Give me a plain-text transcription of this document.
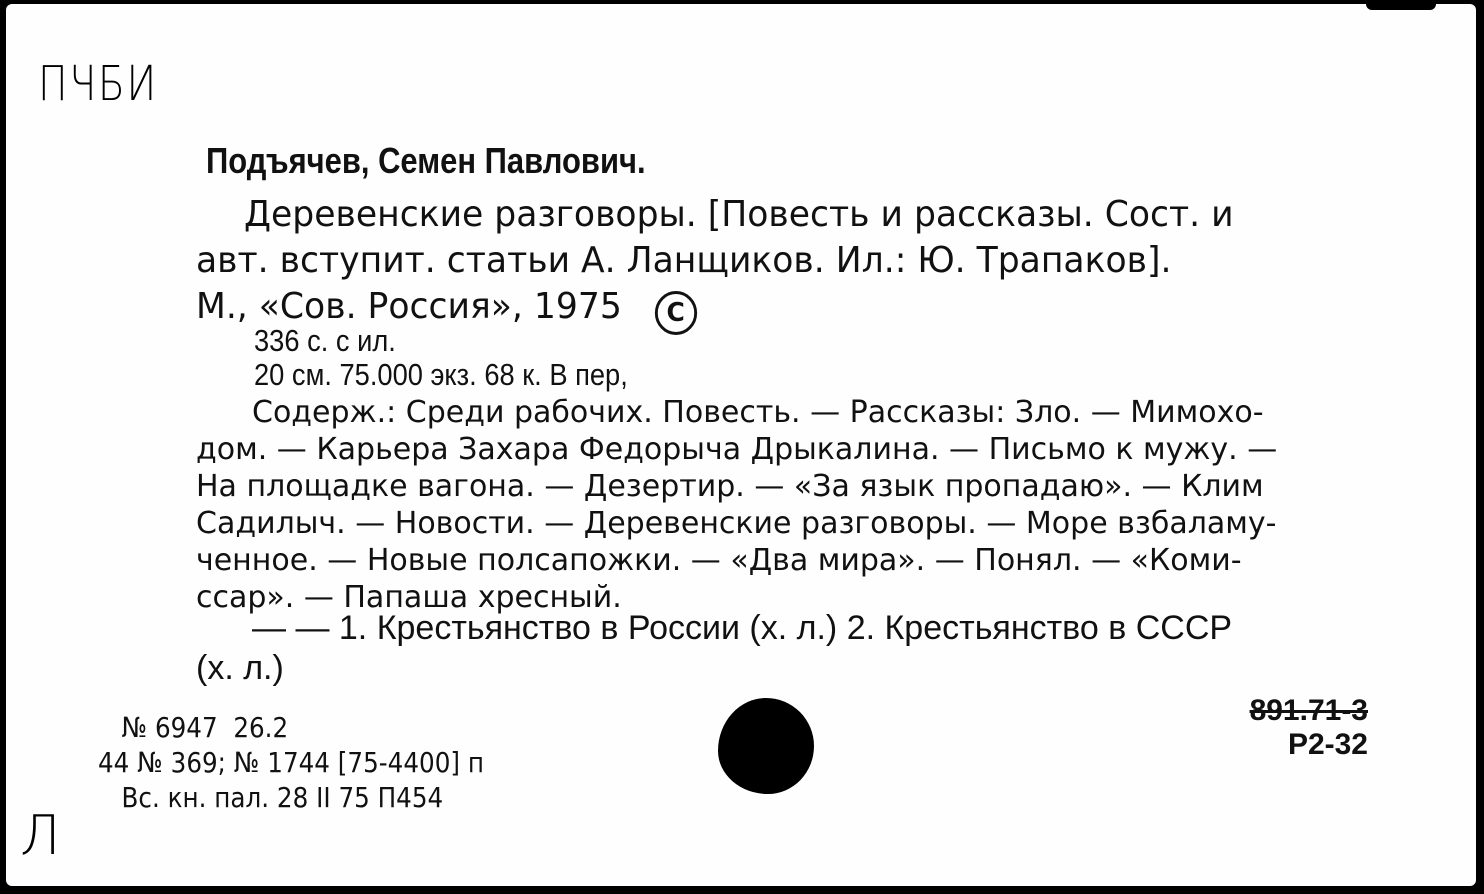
ПЧБИ
Подъячев, Семен Павлович.
Деревенские разговоры. [Повесть и рассказы. Сост. и
авт. вступит. статьи А. Ланщиков. Ил.: Ю. Трапаков].
М., «Сов. Россия», 1975 C
336 с. с ил.
20 см. 75.000 экз. 68 к. В пер,
Содерж.: Среди рабочих. Повесть. — Рассказы: Зло. — Мимохо-
дом. — Карьера Захара Федорыча Дрыкалина. — Письмо к мужу. —
На площадке вагона. — Дезертир. — «За язык пропадаю». — Клим
Садилыч. — Новости. — Деревенские разговоры. — Море взбаламу-
ченное. — Новые полсапожки. — «Два мира». — Понял. — «Коми-
ссар». — Папаша хресный.
— — 1. Крестьянство в России (х. л.) 2. Крестьянство в СССР
(х. л.)
№ 6947  26.2
44 № 369; № 1744 [75-4400] п
Вс. кн. пал. 28 II 75 П454
891.71-3
Р2-32
Л
